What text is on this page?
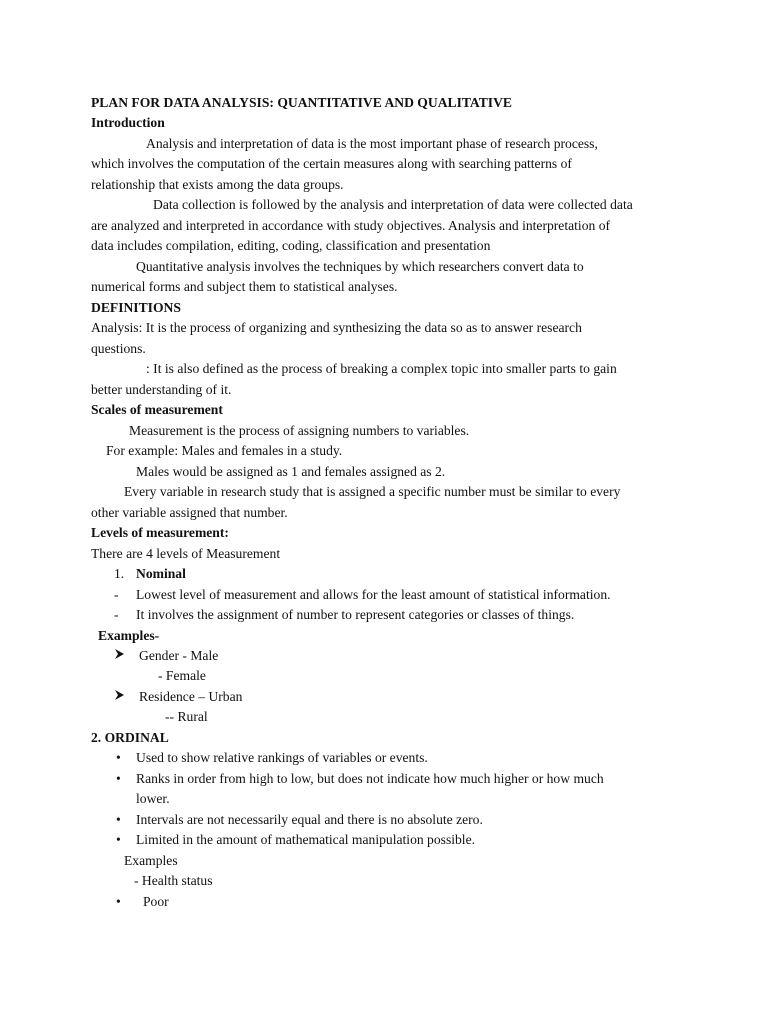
PLAN FOR DATA ANALYSIS: QUANTITATIVE AND QUALITATIVE
Introduction
Analysis and interpretation of data is the most important phase of research process,
which involves the computation of the certain measures along with searching patterns of
relationship that exists among the data groups.
Data collection is followed by the analysis and interpretation of data were collected data
are analyzed and interpreted in accordance with study objectives. Analysis and interpretation of
data includes compilation, editing, coding, classification and presentation
Quantitative analysis involves the techniques by which researchers convert data to
numerical forms and subject them to statistical analyses.
DEFINITIONS
Analysis: It is the process of organizing and synthesizing the data so as to answer research
questions.
: It is also defined as the process of breaking a complex topic into smaller parts to gain
better understanding of it.
Scales of measurement
Measurement is the process of assigning numbers to variables.
For example: Males and females in a study.
Males would be assigned as 1 and females assigned as 2.
Every variable in research study that is assigned a specific number must be similar to every
other variable assigned that number.
Levels of measurement:
There are 4 levels of Measurement
1. Nominal
- Lowest level of measurement and allows for the least amount of statistical information.
- It involves the assignment of number to represent categories or classes of things.
Examples-
Gender - Male
- Female
Residence – Urban
-- Rural
2. ORDINAL
• Used to show relative rankings of variables or events.
• Ranks in order from high to low, but does not indicate how much higher or how much
lower.
• Intervals are not necessarily equal and there is no absolute zero.
• Limited in the amount of mathematical manipulation possible.
Examples
- Health status
• Poor
